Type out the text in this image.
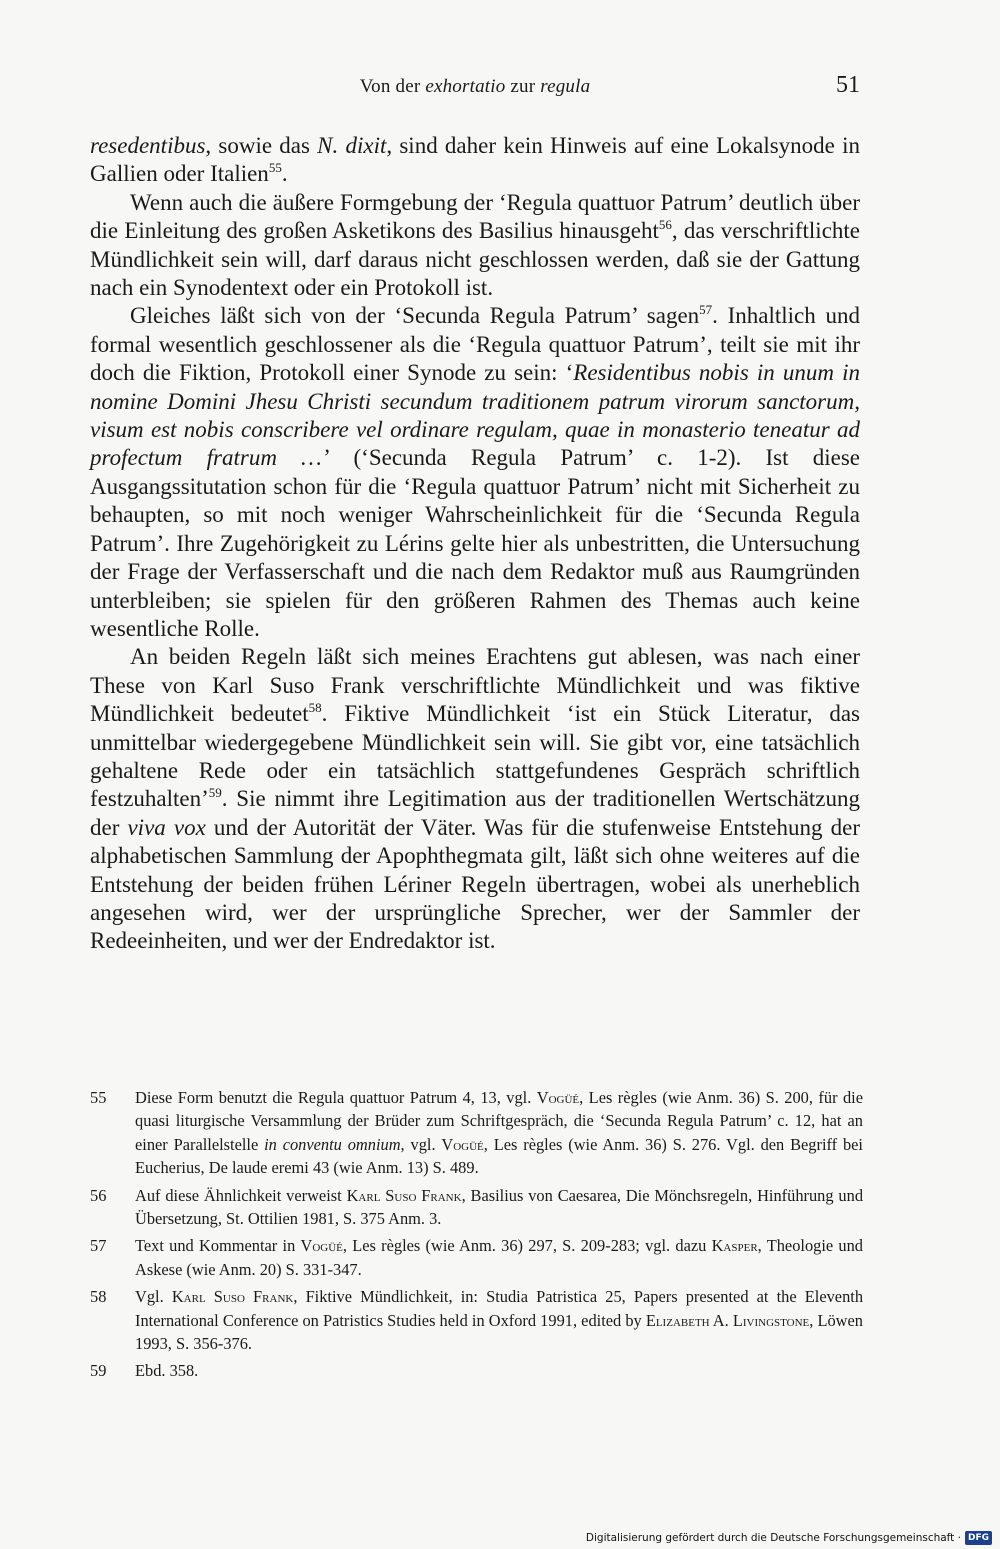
Von der exhortatio zur regula	51

resedentibus, sowie das N. dixit, sind daher kein Hinweis auf eine Lokalsynode in Gallien oder Italien$^{55}$.

Wenn auch die äußere Formgebung der ‘Regula quattuor Patrum’ deutlich über die Einleitung des großen Asketikons des Basilius hinausgeht$^{56}$, das verschriftlichte Mündlichkeit sein will, darf daraus nicht geschlossen werden, daß sie der Gattung nach ein Synodentext oder ein Protokoll ist.

Gleiches läßt sich von der ‘Secunda Regula Patrum’ sagen$^{57}$. Inhaltlich und formal wesentlich geschlossener als die ‘Regula quattuor Patrum’, teilt sie mit ihr doch die Fiktion, Protokoll einer Synode zu sein: ‘Residentibus nobis in unum in nomine Domini Jhesu Christi secundum traditionem patrum virorum sanctorum, visum est nobis conscribere vel ordinare regulam, quae in monasterio teneatur ad profectum fratrum …’ (‘Secunda Regula Patrum’ c. 1-2). Ist diese Ausgangssitutation schon für die ‘Regula quattuor Patrum’ nicht mit Sicherheit zu behaupten, so mit noch weniger Wahrscheinlichkeit für die ‘Secunda Regula Patrum’. Ihre Zugehörigkeit zu Lérins gelte hier als unbestritten, die Untersuchung der Frage der Verfasserschaft und die nach dem Redaktor muß aus Raumgründen unterbleiben; sie spielen für den größeren Rahmen des Themas auch keine wesentliche Rolle.

An beiden Regeln läßt sich meines Erachtens gut ablesen, was nach einer These von Karl Suso Frank verschriftlichte Mündlichkeit und was fiktive Mündlichkeit bedeutet$^{58}$. Fiktive Mündlichkeit ‘ist ein Stück Literatur, das unmittelbar wiedergegebene Mündlichkeit sein will. Sie gibt vor, eine tatsächlich gehaltene Rede oder ein tatsächlich stattgefundenes Gespräch schriftlich festzuhalten’$^{59}$. Sie nimmt ihre Legitimation aus der traditionellen Wertschätzung der viva vox und der Autorität der Väter. Was für die stufenweise Entstehung der alphabetischen Sammlung der Apophthegmata gilt, läßt sich ohne weiteres auf die Entstehung der beiden frühen Lériner Regeln übertragen, wobei als unerheblich angesehen wird, wer der ursprüngliche Sprecher, wer der Sammler der Redeeinheiten, und wer der Endredaktor ist.

55 Diese Form benutzt die Regula quattuor Patrum 4, 13, vgl. Vogüé, Les règles (wie Anm. 36) S. 200, für die quasi liturgische Versammlung der Brüder zum Schriftgespräch, die ‘Secunda Regula Patrum’ c. 12, hat an einer Parallelstelle in conventu omnium, vgl. Vogüé, Les règles (wie Anm. 36) S. 276. Vgl. den Begriff bei Eucherius, De laude eremi 43 (wie Anm. 13) S. 489.
56 Auf diese Ähnlichkeit verweist Karl Suso Frank, Basilius von Caesarea, Die Mönchsregeln, Hinführung und Übersetzung, St. Ottilien 1981, S. 375 Anm. 3.
57 Text und Kommentar in Vogüé, Les règles (wie Anm. 36) 297, S. 209-283; vgl. dazu Kasper, Theologie und Askese (wie Anm. 20) S. 331-347.
58 Vgl. Karl Suso Frank, Fiktive Mündlichkeit, in: Studia Patristica 25, Papers presented at the Eleventh International Conference on Patristics Studies held in Oxford 1991, edited by Elizabeth A. Livingstone, Löwen 1993, S. 356-376.
59 Ebd. 358.
Digitalisierung gefördert durch die Deutsche Forschungsgemeinschaft · DFG
